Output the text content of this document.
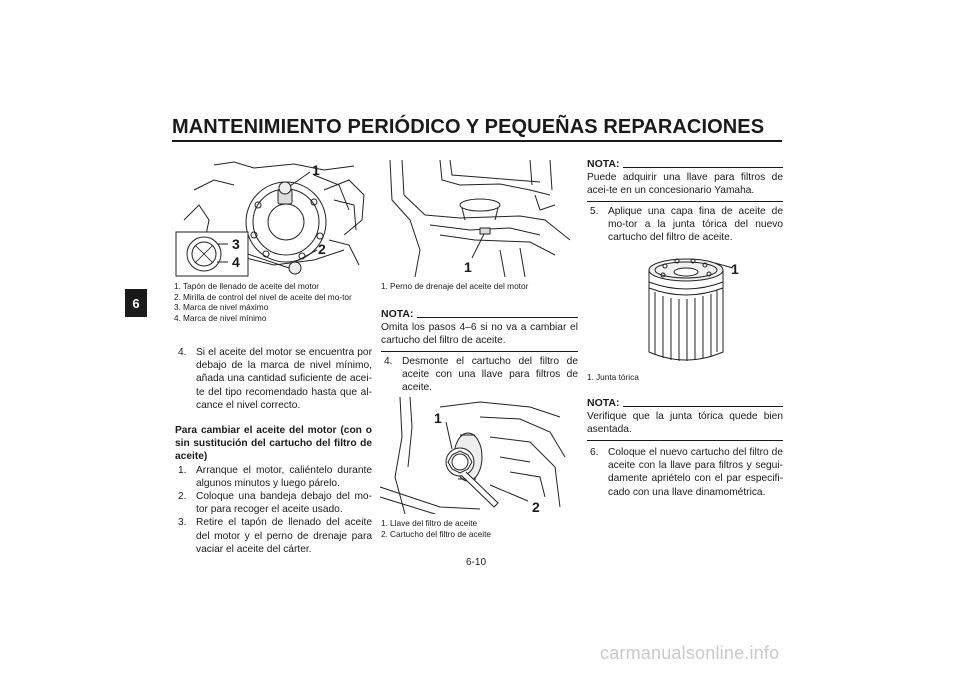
MANTENIMIENTO PERIÓDICO Y PEQUEÑAS REPARACIONES
6
1
2
3
4
1. Tapón de llenado de aceite del motor
2. Mirilla de control del nivel de aceite del mo-tor
3. Marca de nivel máximo
4. Marca de nivel mínimo

4. Si el aceite del motor se encuentra por debajo de la marca de nivel mínimo, añada una cantidad suficiente de acei-te del tipo recomendado hasta que al-cance el nivel correcto.

Para cambiar el aceite del motor (con o sin sustitución del cartucho del filtro de aceite)

1. Arranque el motor, caliéntelo durante algunos minutos y luego párelo.

2. Coloque una bandeja debajo del mo-tor para recoger el aceite usado.

3. Retire el tapón de llenado del aceite del motor y el perno de drenaje para vaciar el aceite del cárter.

1
1. Perno de drenaje del aceite del motor
NOTA:
Omita los pasos 4–6 si no va a cambiar el cartucho del filtro de aceite.

4. Desmonte el cartucho del filtro de aceite con una llave para filtros de aceite.

1
2
1. Llave del filtro de aceite
2. Cartucho del filtro de aceite
NOTA:
Puede adquirir una llave para filtros de acei-te en un concesionario Yamaha.

5. Aplique una capa fina de aceite de mo-tor a la junta tórica del nuevo cartucho del filtro de aceite.

1
1. Junta tórica
NOTA:
Verifique que la junta tórica quede bien asentada.

6. Coloque el nuevo cartucho del filtro de aceite con la llave para filtros y segui-damente apriételo con el par especifi-cado con una llave dinamométrica.

6-10
carmanualsonline.info
